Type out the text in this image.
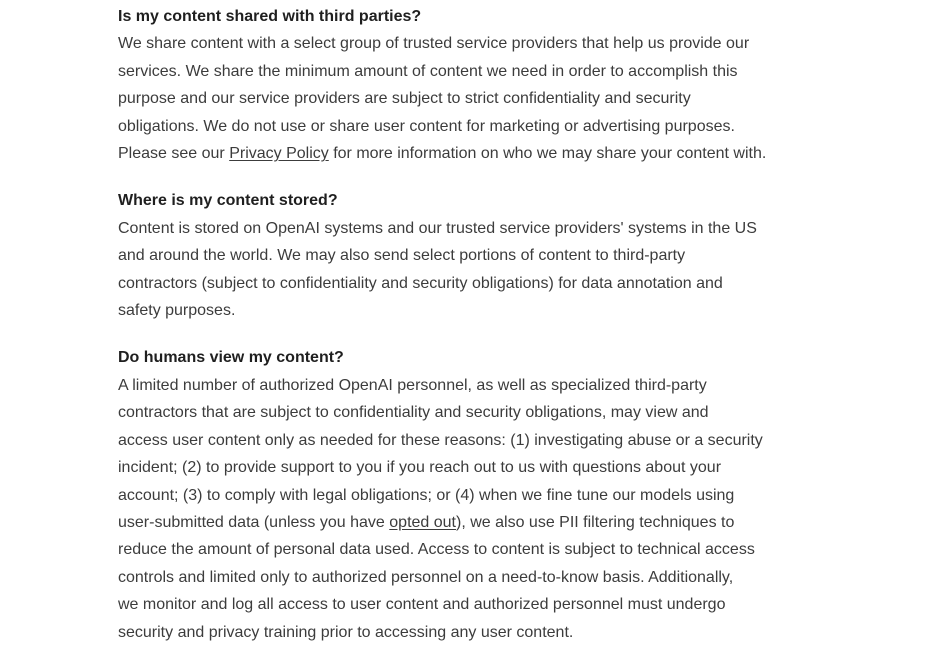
Is my content shared with third parties?

We share content with a select group of trusted service providers that help us provide our

services. We share the minimum amount of content we need in order to accomplish this

purpose and our service providers are subject to strict confidentiality and security

obligations. We do not use or share user content for marketing or advertising purposes.

Please see our Privacy Policy for more information on who we may share your content with.

Where is my content stored?

Content is stored on OpenAI systems and our trusted service providers' systems in the US

and around the world. We may also send select portions of content to third-party

contractors (subject to confidentiality and security obligations) for data annotation and

safety purposes.

Do humans view my content?

A limited number of authorized OpenAI personnel, as well as specialized third-party

contractors that are subject to confidentiality and security obligations, may view and

access user content only as needed for these reasons: (1) investigating abuse or a security

incident; (2) to provide support to you if you reach out to us with questions about your

account; (3) to comply with legal obligations; or (4) when we fine tune our models using

user-submitted data (unless you have opted out), we also use PII filtering techniques to

reduce the amount of personal data used. Access to content is subject to technical access

controls and limited only to authorized personnel on a need-to-know basis. Additionally,

we monitor and log all access to user content and authorized personnel must undergo

security and privacy training prior to accessing any user content.
